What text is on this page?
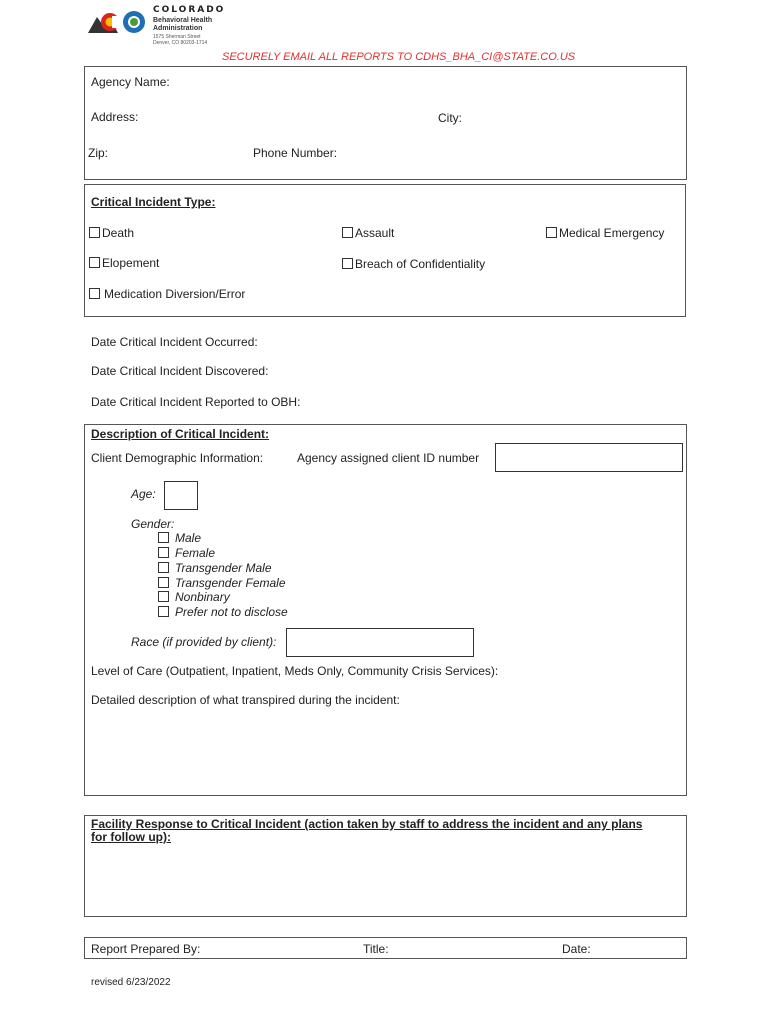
COLORADO
Behavioral Health
Administration
1575 Sherman Street
Denver, CO 80203-1714
SECURELY EMAIL ALL REPORTS TO CDHS_BHA_CI@STATE.CO.US
Agency Name:
Address:	City:
Zip:	Phone Number:
Critical Incident Type:
Death	Assault	Medical Emergency
Elopement	Breach of Confidentiality
Medication Diversion/Error
Date Critical Incident Occurred:
Date Critical Incident Discovered:
Date Critical Incident Reported to OBH:
Description of Critical Incident:
Client Demographic Information:	Agency assigned client ID number
Age:
Gender:
Male
Female
Transgender Male
Transgender Female
Nonbinary
Prefer not to disclose
Race (if provided by client):
Level of Care (Outpatient, Inpatient, Meds Only, Community Crisis Services):
Detailed description of what transpired during the incident:
Facility Response to Critical Incident (action taken by staff to address the incident and any plans
for follow up):
Report Prepared By:	Title:	Date:
revised 6/23/2022
